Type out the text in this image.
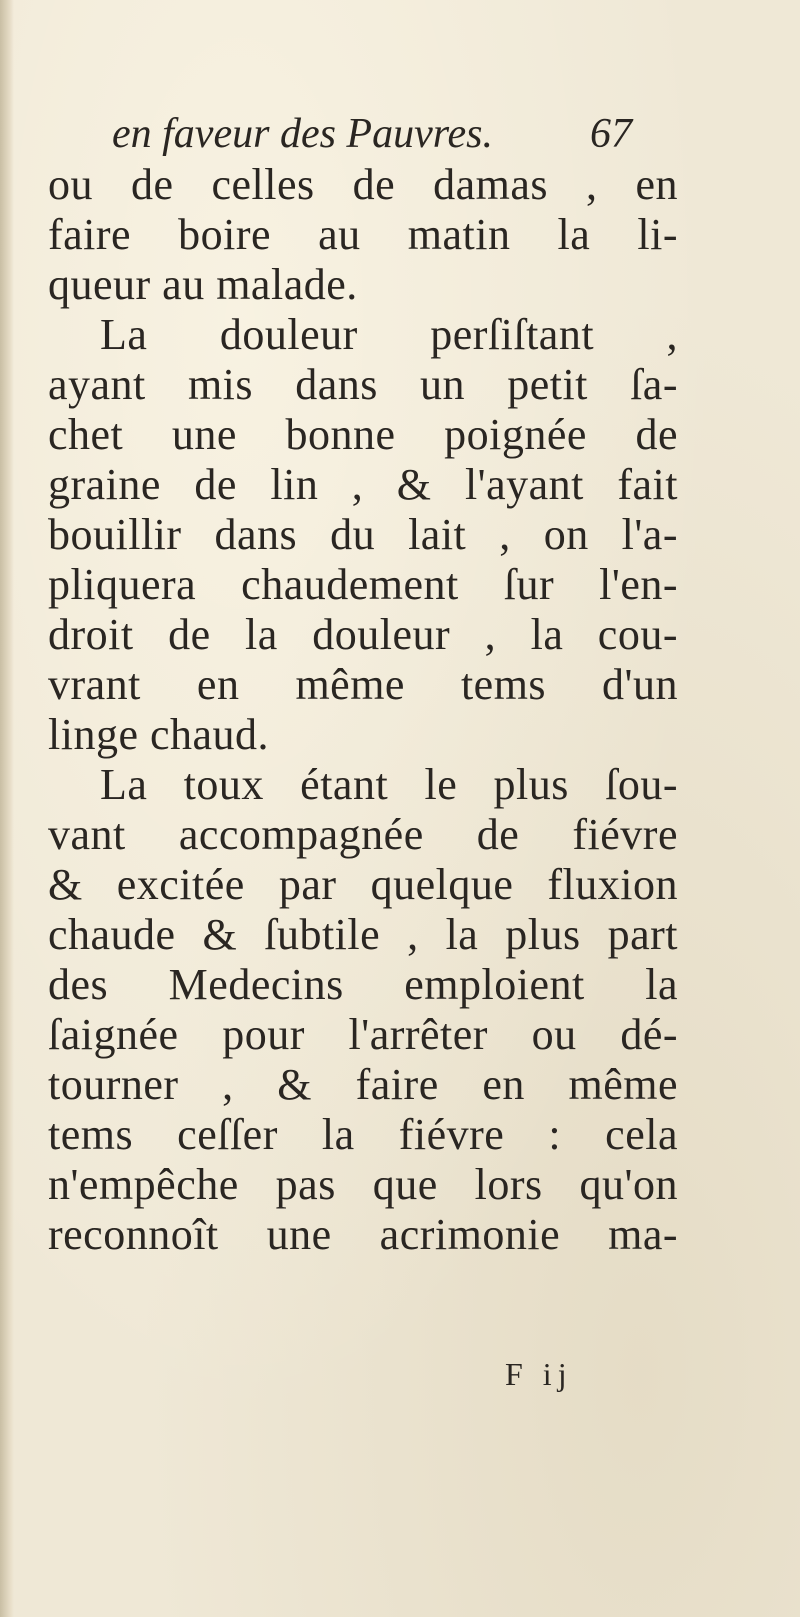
en faveur des Pauvres. 67
ou de celles de damas , en
faire boire au matin la li-
queur au malade.
La douleur perſiſtant ,
ayant mis dans un petit ſa-
chet une bonne poignée de
graine de lin , & l'ayant fait
bouillir dans du lait , on l'a-
pliquera chaudement ſur l'en-
droit de la douleur , la cou-
vrant en même tems d'un
linge chaud.
La toux étant le plus ſou-
vant accompagnée de fiévre
& excitée par quelque fluxion
chaude & ſubtile , la plus part
des Medecins emploient la
ſaignée pour l'arrêter ou dé-
tourner , & faire en même
tems ceſſer la fiévre : cela
n'empêche pas que lors qu'on
reconnoît une acrimonie ma-
F ij
